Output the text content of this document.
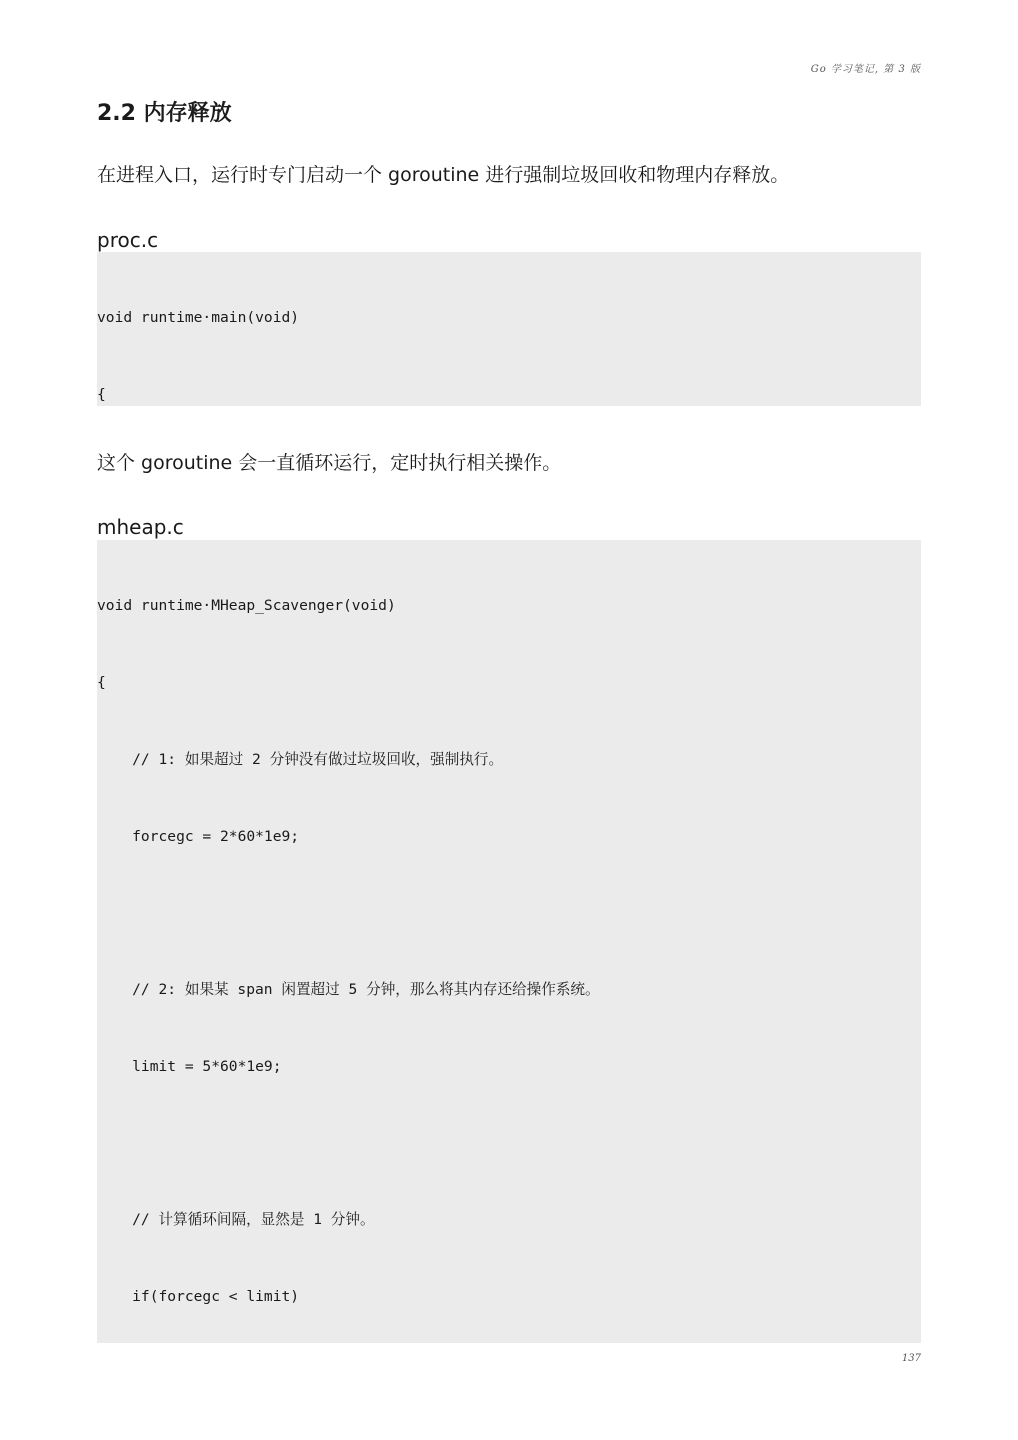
Go 学习笔记, 第 3 版
2.2 内存释放

在进程入口，运行时专门启动一个 goroutine 进行强制垃圾回收和物理内存释放。

proc.c

void runtime·main(void)

{

这个 goroutine 会一直循环运行，定时执行相关操作。

mheap.c

void runtime·MHeap_Scavenger(void)

{

// 1: 如果超过 2 分钟没有做过垃圾回收，强制执行。

forcegc = 2*60*1e9;

// 2: 如果某 span 闲置超过 5 分钟，那么将其内存还给操作系统。

limit = 5*60*1e9;

// 计算循环间隔，显然是 1 分钟。

if(forcegc < limit)

137
